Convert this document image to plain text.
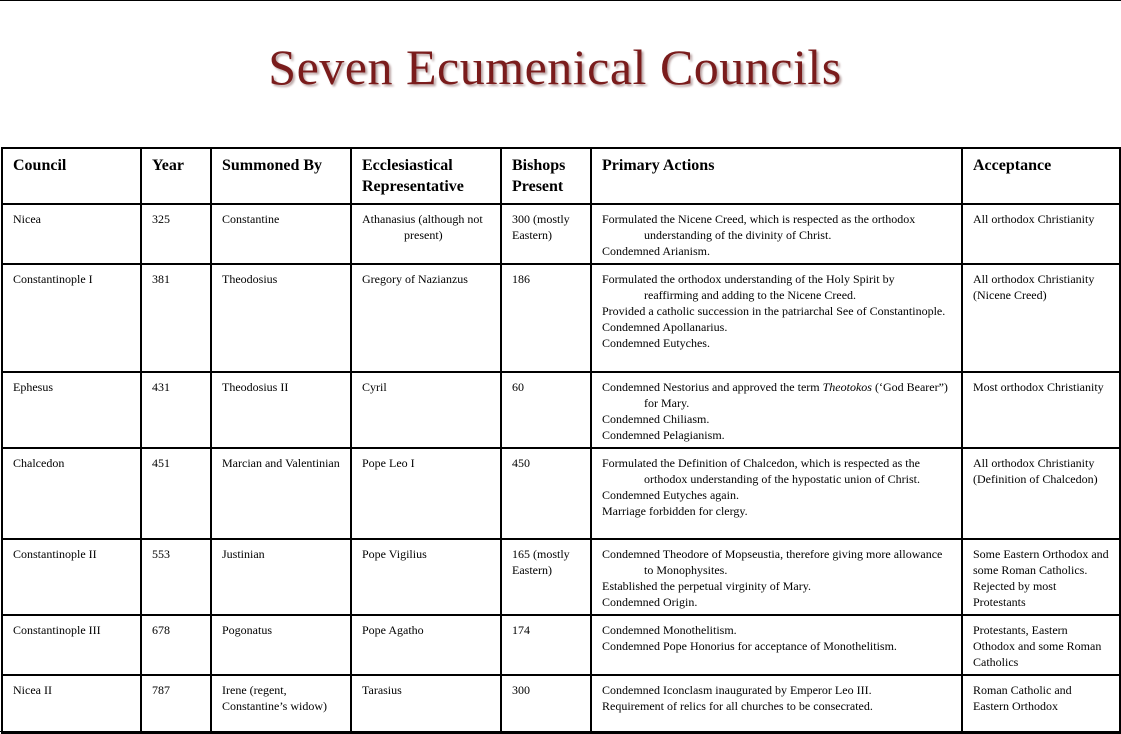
Seven Ecumenical Councils
Council	Year	Summoned By	Ecclesiastical Representative	Bishops Present	Primary Actions	Acceptance
Nicea	325	Constantine	Athanasius (although not present)	300 (mostly Eastern)	Formulated the Nicene Creed, which is respected as the orthodox understanding of the divinity of Christ.

Condemned Arianism.	All orthodox Christianity
Constantinople I	381	Theodosius	Gregory of Nazianzus	186	Formulated the orthodox understanding of the Holy Spirit by reaffirming and adding to the Nicene Creed.

Provided a catholic succession in the patriarchal See of Constantinople.

Condemned Apollanarius.

Condemned Eutyches.	All orthodox Christianity (Nicene Creed)
Ephesus	431	Theodosius II	Cyril	60	Condemned Nestorius and approved the term Theotokos (‘God Bearer”) for Mary.

Condemned Chiliasm.

Condemned Pelagianism.	Most orthodox Christianity
Chalcedon	451	Marcian and Valentinian	Pope Leo I	450	Formulated the Definition of Chalcedon, which is respected as the orthodox understanding of the hypostatic union of Christ.

Condemned Eutyches again.

Marriage forbidden for clergy.	All orthodox Christianity (Definition of Chalcedon)
Constantinople II	553	Justinian	Pope Vigilius	165 (mostly Eastern)	Condemned Theodore of Mopseustia, therefore giving more allowance to Monophysites.

Established the perpetual virginity of Mary.

Condemned Origin.	Some Eastern Orthodox and some Roman Catholics. Rejected by most Protestants
Constantinople III	678	Pogonatus	Pope Agatho	174	Condemned Monothelitism.

Condemned Pope Honorius for acceptance of Monothelitism.	Protestants, Eastern Othodox and some Roman Catholics
Nicea II	787	Irene (regent, Constantine’s widow)	Tarasius	300	Condemned Iconclasm inaugurated by Emperor Leo III.

Requirement of relics for all churches to be consecrated.	Roman Catholic and Eastern Orthodox
